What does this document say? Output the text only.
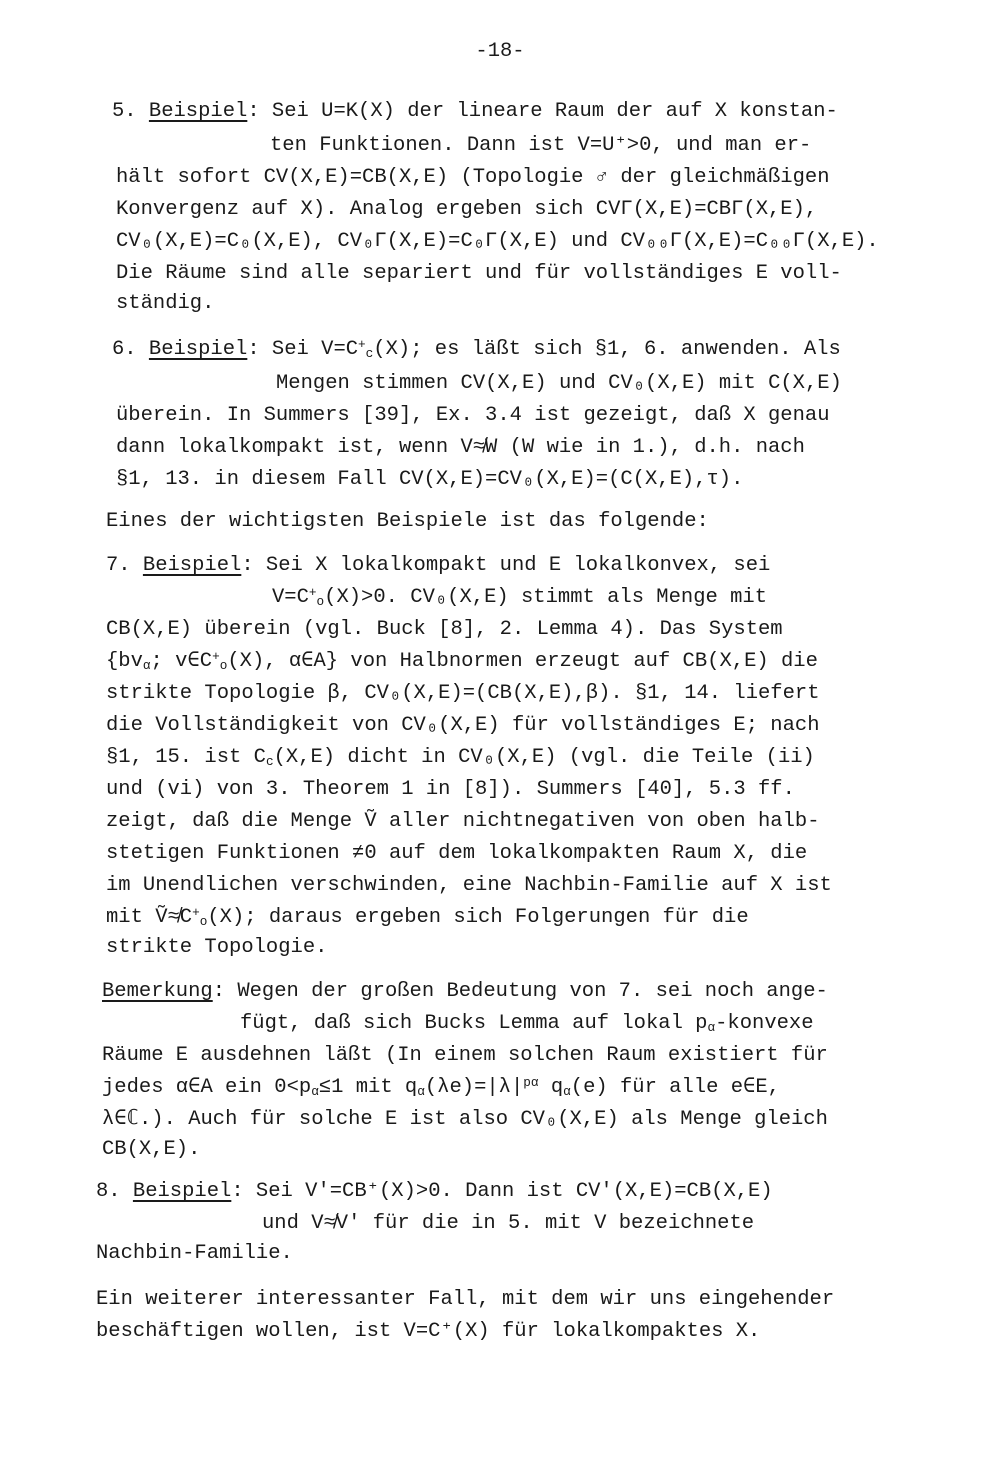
-18-
5. Beispiel: Sei U=K(X) der lineare Raum der auf X konstan-
ten Funktionen. Dann ist V=U⁺>0, und man er-
hält sofort CV(X,E)=CB(X,E) (Topologie ♂ der gleichmäßigen
Konvergenz auf X). Analog ergeben sich CVΓ(X,E)=CBΓ(X,E),
CV₀(X,E)=C₀(X,E), CV₀Γ(X,E)=C₀Γ(X,E) und CV₀₀Γ(X,E)=C₀₀Γ(X,E).
Die Räume sind alle separiert und für vollständiges E voll-
ständig.
6. Beispiel: Sei V=C+c(X); es läßt sich §1, 6. anwenden. Als
Mengen stimmen CV(X,E) und CV₀(X,E) mit C(X,E)
überein. In Summers [39], Ex. 3.4 ist gezeigt, daß X genau
dann lokalkompakt ist, wenn V≉W (W wie in 1.), d.h. nach
§1, 13. in diesem Fall CV(X,E)=CV₀(X,E)=(C(X,E),τ).
Eines der wichtigsten Beispiele ist das folgende:
7. Beispiel: Sei X lokalkompakt und E lokalkonvex, sei
V=C+o(X)>0. CV₀(X,E) stimmt als Menge mit
CB(X,E) überein (vgl. Buck [8], 2. Lemma 4). Das System
{bvα; v∈C+o(X), α∈A} von Halbnormen erzeugt auf CB(X,E) die
strikte Topologie β, CV₀(X,E)=(CB(X,E),β). §1, 14. liefert
die Vollständigkeit von CV₀(X,E) für vollständiges E; nach
§1, 15. ist Cc(X,E) dicht in CV₀(X,E) (vgl. die Teile (ii)
und (vi) von 3. Theorem 1 in [8]). Summers [40], 5.3 ff.
zeigt, daß die Menge Ṽ aller nichtnegativen von oben halb-
stetigen Funktionen ≠0 auf dem lokalkompakten Raum X, die
im Unendlichen verschwinden, eine Nachbin-Familie auf X ist
mit Ṽ≉C+o(X); daraus ergeben sich Folgerungen für die
strikte Topologie.
Bemerkung: Wegen der großen Bedeutung von 7. sei noch ange-
fügt, daß sich Bucks Lemma auf lokal pα-konvexe
Räume E ausdehnen läßt (In einem solchen Raum existiert für
jedes α∈A ein 0<pα≤1 mit $q\alpha(\lambda e)=|\lambda|^{p\alpha}$ qα(e) für alle e∈E,
λ∈ℂ.). Auch für solche E ist also CV₀(X,E) als Menge gleich
CB(X,E).
8. Beispiel: Sei V'=CB⁺(X)>0. Dann ist CV'(X,E)=CB(X,E)
und V≉V' für die in 5. mit V bezeichnete
Nachbin-Familie.
Ein weiterer interessanter Fall, mit dem wir uns eingehender
beschäftigen wollen, ist V=C⁺(X) für lokalkompaktes X.
